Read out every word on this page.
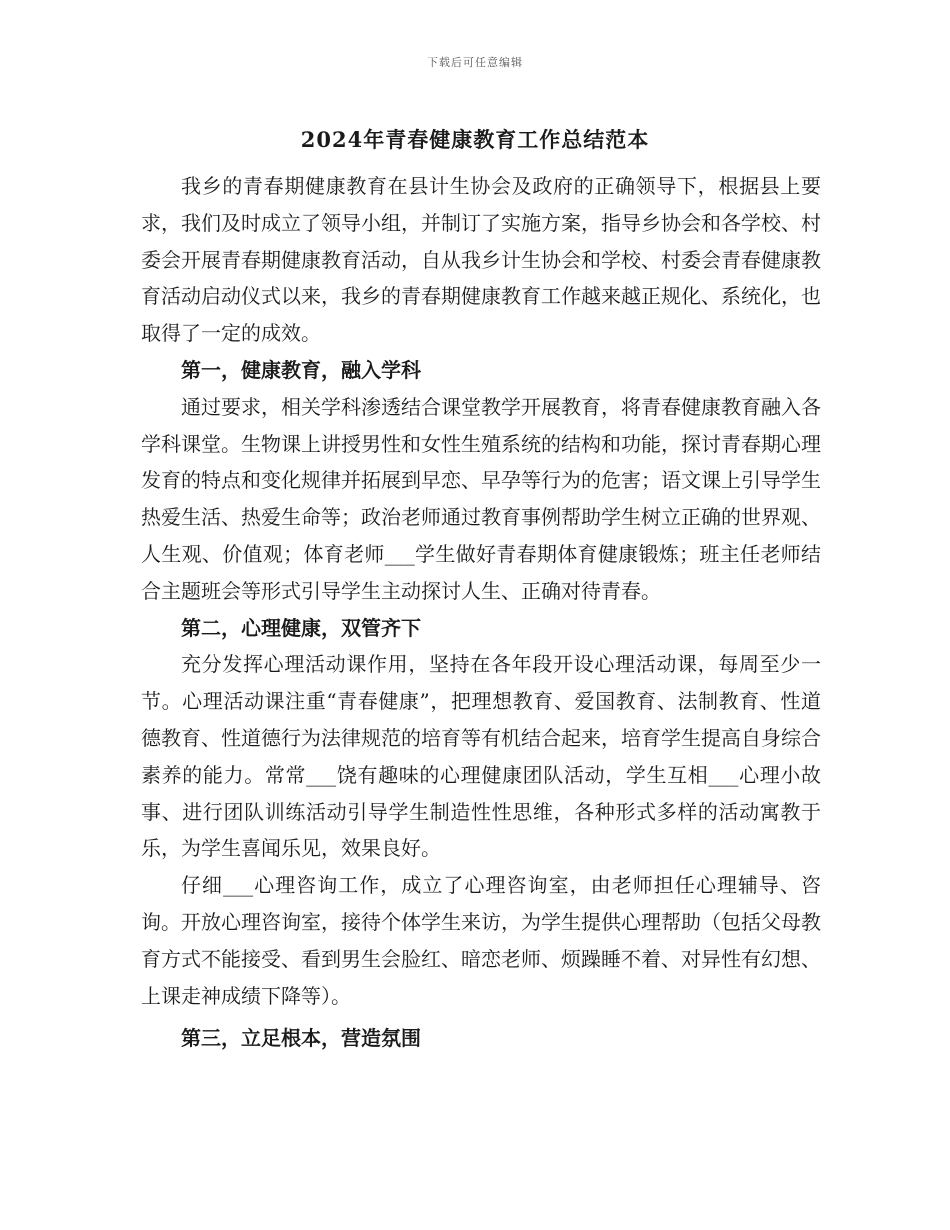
下载后可任意编辑
2024年青春健康教育工作总结范本

我乡的青春期健康教育在县计生协会及政府的正确领导下，根据县上要求，我们及时成立了领导小组，并制订了实施方案，指导乡协会和各学校、村委会开展青春期健康教育活动，自从我乡计生协会和学校、村委会青春健康教育活动启动仪式以来，我乡的青春期健康教育工作越来越正规化、系统化，也取得了一定的成效。

第一，健康教育，融入学科

通过要求，相关学科渗透结合课堂教学开展教育，将青春健康教育融入各学科课堂。生物课上讲授男性和女性生殖系统的结构和功能，探讨青春期心理发育的特点和变化规律并拓展到早恋、早孕等行为的危害；语文课上引导学生热爱生活、热爱生命等；政治老师通过教育事例帮助学生树立正确的世界观、人生观、价值观；体育老师___学生做好青春期体育健康锻炼；班主任老师结合主题班会等形式引导学生主动探讨人生、正确对待青春。

第二，心理健康，双管齐下

充分发挥心理活动课作用，坚持在各年段开设心理活动课，每周至少一节。心理活动课注重“青春健康”，把理想教育、爱国教育、法制教育、性道德教育、性道德行为法律规范的培育等有机结合起来，培育学生提高自身综合素养的能力。常常___饶有趣味的心理健康团队活动，学生互相___心理小故事、进行团队训练活动引导学生制造性性思维，各种形式多样的活动寓教于乐，为学生喜闻乐见，效果良好。

仔细___心理咨询工作，成立了心理咨询室，由老师担任心理辅导、咨询。开放心理咨询室，接待个体学生来访，为学生提供心理帮助（包括父母教育方式不能接受、看到男生会脸红、暗恋老师、烦躁睡不着、对异性有幻想、上课走神成绩下降等）。

第三，立足根本，营造氛围
